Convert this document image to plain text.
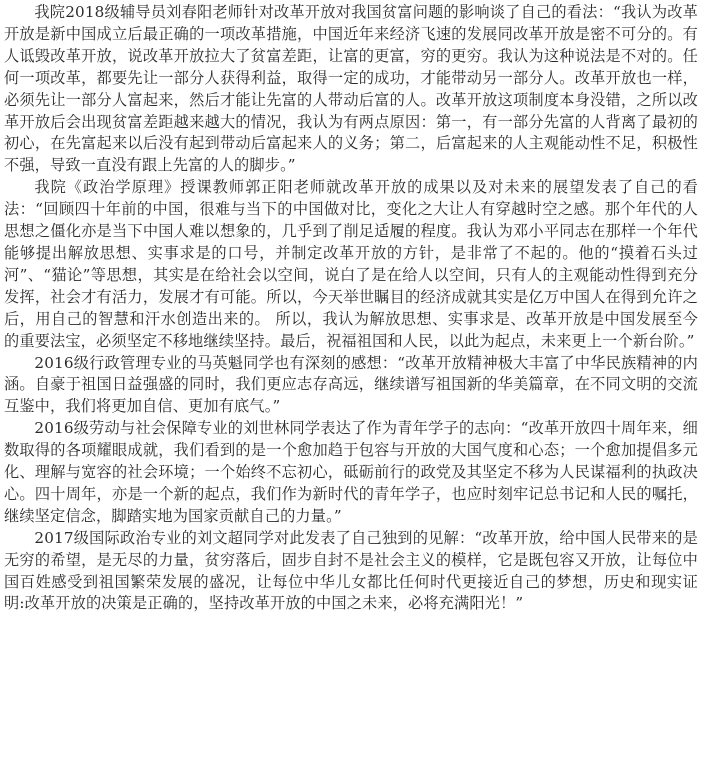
我院2018级辅导员刘春阳老师针对改革开放对我国贫富问题的影响谈了自己的看法：“我认为改革开放是新中国成立后最正确的一项改革措施，中国近年来经济飞速的发展同改革开放是密不可分的。有人诋毁改革开放，说改革开放拉大了贫富差距，让富的更富，穷的更穷。我认为这种说法是不对的。任何一项改革，都要先让一部分人获得利益，取得一定的成功，才能带动另一部分人。改革开放也一样，必须先让一部分人富起来，然后才能让先富的人带动后富的人。改革开放这项制度本身没错，之所以改革开放后会出现贫富差距越来越大的情况，我认为有两点原因：第一，有一部分先富的人背离了最初的初心，在先富起来以后没有起到带动后富起来人的义务；第二，后富起来的人主观能动性不足，积极性不强，导致一直没有跟上先富的人的脚步。”

我院《政治学原理》授课教师郭正阳老师就改革开放的成果以及对未来的展望发表了自己的看法：“回顾四十年前的中国，很难与当下的中国做对比，变化之大让人有穿越时空之感。那个年代的人思想之僵化亦是当下中国人难以想象的，几乎到了削足适履的程度。我认为邓小平同志在那样一个年代能够提出解放思想、实事求是的口号，并制定改革开放的方针，是非常了不起的。他的“摸着石头过河”、“猫论”等思想，其实是在给社会以空间，说白了是在给人以空间，只有人的主观能动性得到充分发挥，社会才有活力，发展才有可能。所以，今天举世瞩目的经济成就其实是亿万中国人在得到允许之后，用自己的智慧和汗水创造出来的。 所以，我认为解放思想、实事求是、改革开放是中国发展至今的重要法宝，必须坚定不移地继续坚持。最后，祝福祖国和人民，以此为起点，未来更上一个新台阶。”

2016级行政管理专业的马英魁同学也有深刻的感想：“改革开放精神极大丰富了中华民族精神的内涵。自豪于祖国日益强盛的同时，我们更应志存高远，继续谱写祖国新的华美篇章，在不同文明的交流互鉴中，我们将更加自信、更加有底气。”

2016级劳动与社会保障专业的刘世林同学表达了作为青年学子的志向：“改革开放四十周年来，细数取得的各项耀眼成就，我们看到的是一个愈加趋于包容与开放的大国气度和心态；一个愈加提倡多元化、理解与宽容的社会环境；一个始终不忘初心，砥砺前行的政党及其坚定不移为人民谋福利的执政决心。四十周年，亦是一个新的起点，我们作为新时代的青年学子，也应时刻牢记总书记和人民的嘱托，继续坚定信念，脚踏实地为国家贡献自己的力量。”

2017级国际政治专业的刘文超同学对此发表了自己独到的见解：“改革开放，给中国人民带来的是无穷的希望，是无尽的力量，贫穷落后，固步自封不是社会主义的模样，它是既包容又开放，让每位中国百姓感受到祖国繁荣发展的盛况，让每位中华儿女都比任何时代更接近自己的梦想，历史和现实证明:改革开放的决策是正确的，坚持改革开放的中国之未来，必将充满阳光！”
